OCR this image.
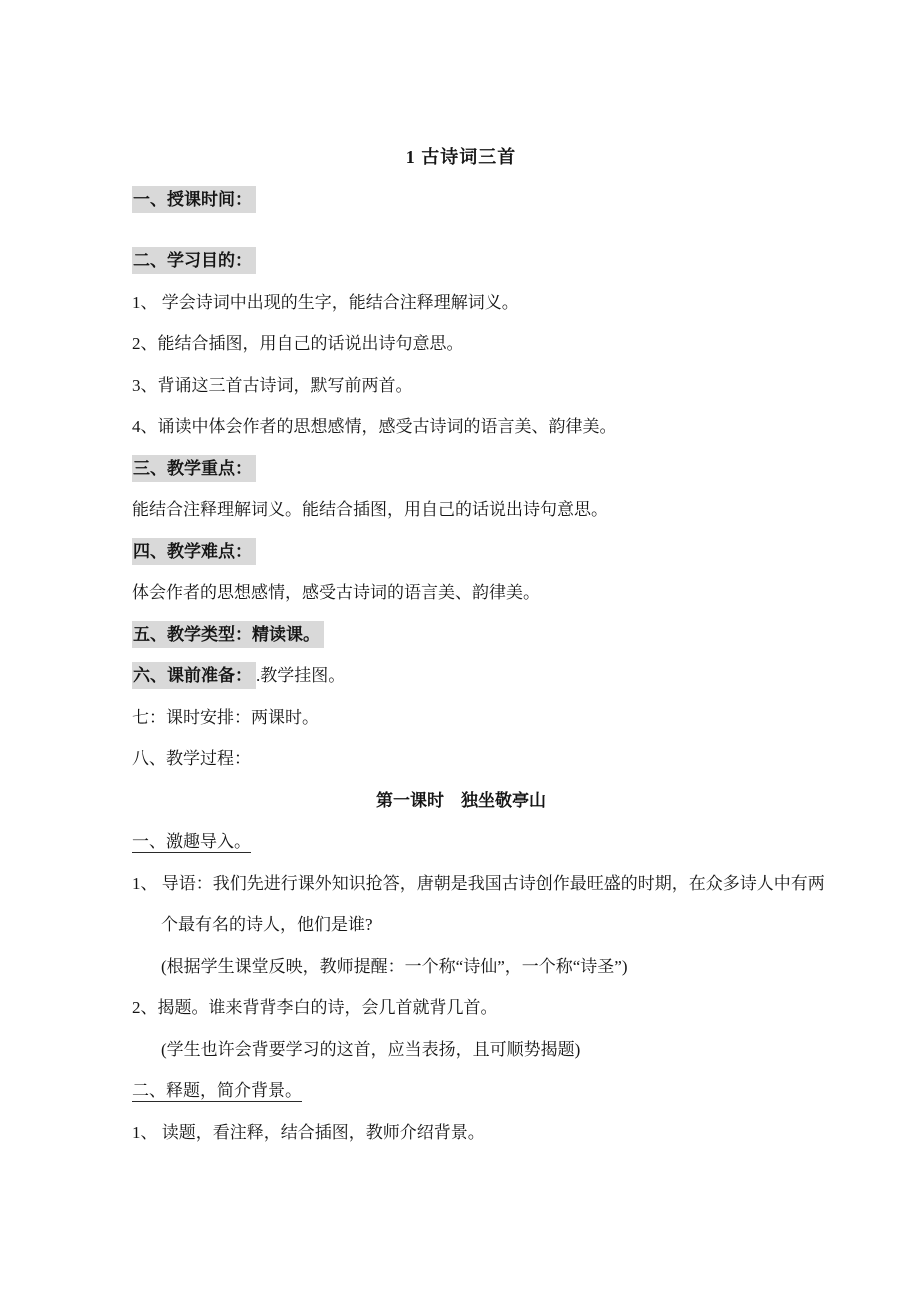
1 古诗词三首

一、授课时间：

二、学习目的：

1、 学会诗词中出现的生字，能结合注释理解词义。

2、能结合插图，用自己的话说出诗句意思。

3、背诵这三首古诗词，默写前两首。

4、诵读中体会作者的思想感情，感受古诗词的语言美、韵律美。

三、教学重点：

能结合注释理解词义。能结合插图，用自己的话说出诗句意思。

四、教学难点：

体会作者的思想感情，感受古诗词的语言美、韵律美。

五、教学类型：精读课。

六、课前准备： .教学挂图。

七：课时安排：两课时。

八、教学过程：

第一课时　独坐敬亭山

一、激趣导入。

1、 导语：我们先进行课外知识抢答，唐朝是我国古诗创作最旺盛的时期，在众多诗人中有两

个最有名的诗人，他们是谁?

(根据学生课堂反映，教师提醒：一个称“诗仙”，一个称“诗圣”)

2、揭题。谁来背背李白的诗，会几首就背几首。

(学生也许会背要学习的这首，应当表扬，且可顺势揭题)

二、释题，简介背景。

1、 读题，看注释，结合插图，教师介绍背景。
